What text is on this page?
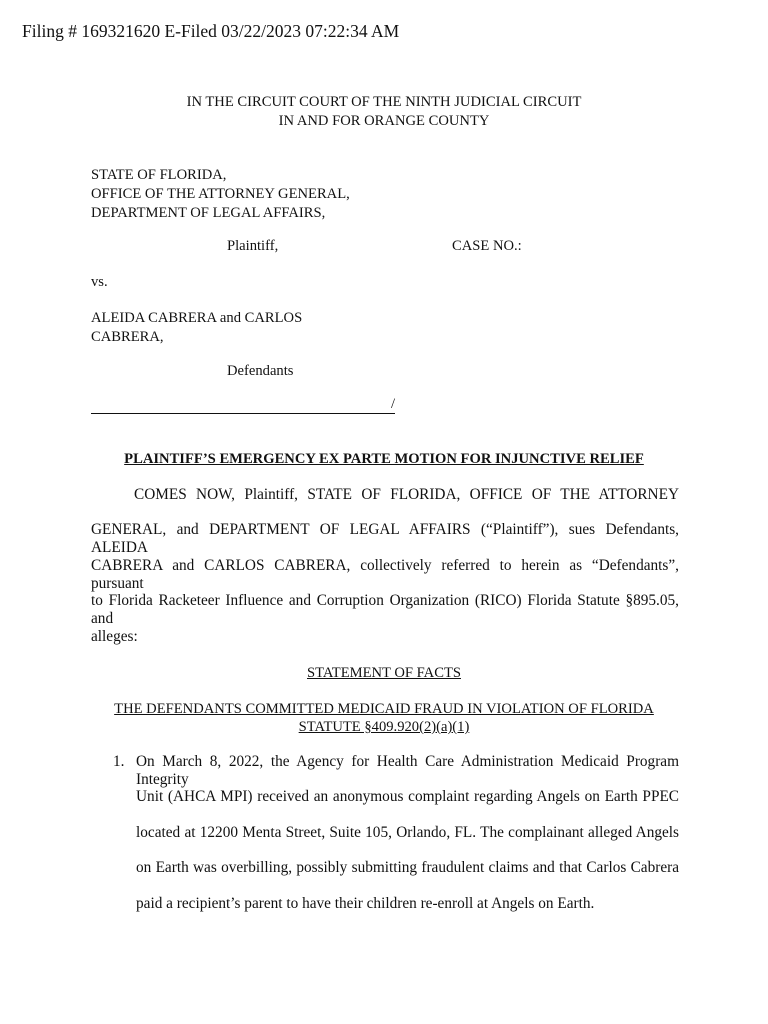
Filing # 169321620 E-Filed 03/22/2023 07:22:34 AM
IN THE CIRCUIT COURT OF THE NINTH JUDICIAL CIRCUIT
IN AND FOR ORANGE COUNTY
STATE OF FLORIDA,
OFFICE OF THE ATTORNEY GENERAL,
DEPARTMENT OF LEGAL AFFAIRS,
Plaintiff,	CASE NO.:
vs.
ALEIDA CABRERA and CARLOS
CABRERA,
Defendants
/
PLAINTIFF’S EMERGENCY EX PARTE MOTION FOR INJUNCTIVE RELIEF
COMES NOW, Plaintiff, STATE OF FLORIDA, OFFICE OF THE ATTORNEY
GENERAL, and DEPARTMENT OF LEGAL AFFAIRS (“Plaintiff”), sues Defendants, ALEIDA
CABRERA and CARLOS CABRERA, collectively referred to herein as “Defendants”, pursuant
to Florida Racketeer Influence and Corruption Organization (RICO) Florida Statute §895.05, and
alleges:
STATEMENT OF FACTS
THE DEFENDANTS COMMITTED MEDICAID FRAUD IN VIOLATION OF FLORIDA
STATUTE §409.920(2)(a)(1)
1. On March 8, 2022, the Agency for Health Care Administration Medicaid Program Integrity
Unit (AHCA MPI) received an anonymous complaint regarding Angels on Earth PPEC
located at 12200 Menta Street, Suite 105, Orlando, FL. The complainant alleged Angels
on Earth was overbilling, possibly submitting fraudulent claims and that Carlos Cabrera
paid a recipient’s parent to have their children re-enroll at Angels on Earth.
